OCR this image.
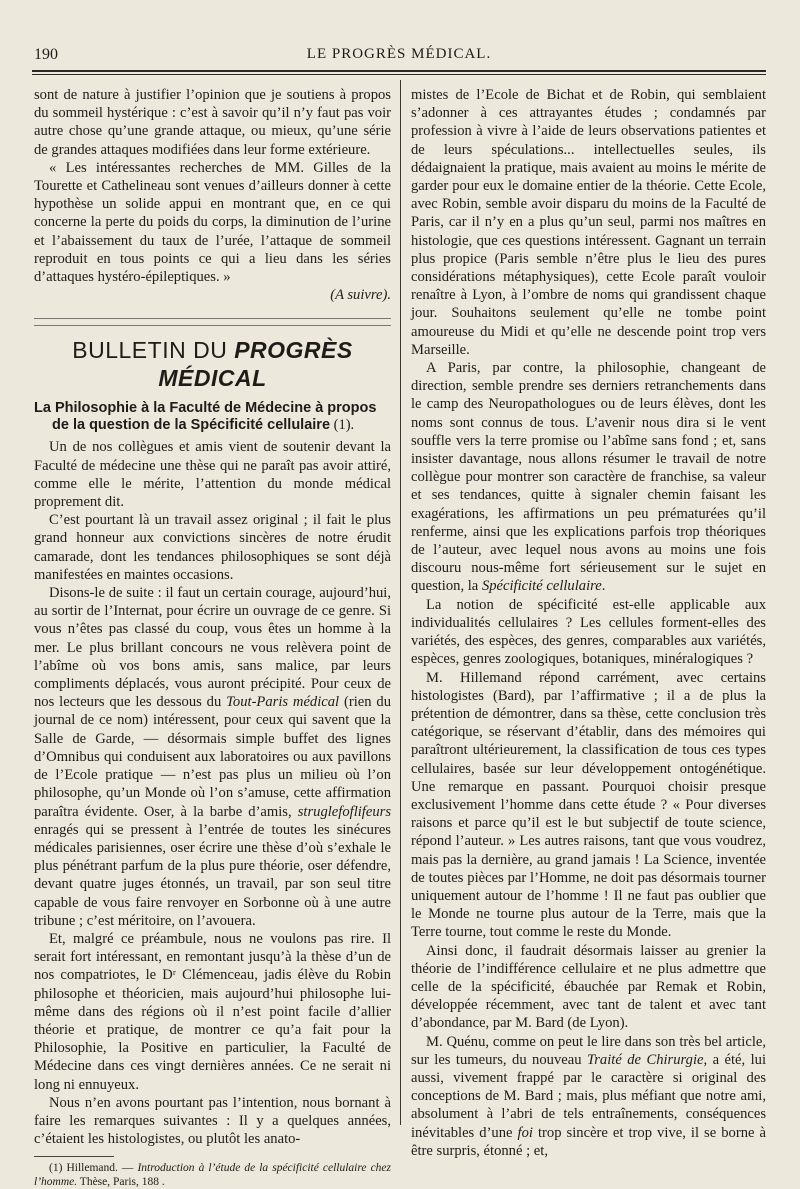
190	LE PROGRÈS MÉDICAL.

sont de nature à justifier l’opinion que je soutiens à propos du sommeil hystérique : c’est à savoir qu’il n’y faut pas voir autre chose qu’une grande attaque, ou mieux, qu’une série de grandes attaques modifiées dans leur forme extérieure.

« Les intéressantes recherches de MM. Gilles de la Tourette et Cathelineau sont venues d’ailleurs donner à cette hypothèse un solide appui en montrant que, en ce qui concerne la perte du poids du corps, la diminution de l’urine et l’abaissement du taux de l’urée, l’attaque de sommeil reproduit en tous points ce qui a lieu dans les séries d’attaques hystéro-épileptiques. »

(A suivre).
BULLETIN DU PROGRÈS MÉDICAL
La Philosophie à la Faculté de Médecine à propos de la question de la Spécificité cellulaire (1).

Un de nos collègues et amis vient de soutenir devant la Faculté de médecine une thèse qui ne paraît pas avoir attiré, comme elle le mérite, l’attention du monde médical proprement dit.

C’est pourtant là un travail assez original ; il fait le plus grand honneur aux convictions sincères de notre érudit camarade, dont les tendances philosophiques se sont déjà manifestées en maintes occasions.

Disons-le de suite : il faut un certain courage, aujourd’hui, au sortir de l’Internat, pour écrire un ouvrage de ce genre. Si vous n’êtes pas classé du coup, vous êtes un homme à la mer. Le plus brillant concours ne vous relèvera point de l’abîme où vos bons amis, sans malice, par leurs compliments déplacés, vous auront précipité. Pour ceux de nos lecteurs que les dessous du Tout-Paris médical (rien du journal de ce nom) intéressent, pour ceux qui savent que la Salle de Garde, — désormais simple buffet des lignes d’Omnibus qui conduisent aux laboratoires ou aux pavillons de l’Ecole pratique — n’est pas plus un milieu où l’on philosophe, qu’un Monde où l’on s’amuse, cette affirmation paraîtra évidente. Oser, à la barbe d’amis, struglefoflifeurs enragés qui se pressent à l’entrée de toutes les sinécures médicales parisiennes, oser écrire une thèse d’où s’exhale le plus pénétrant parfum de la plus pure théorie, oser défendre, devant quatre juges étonnés, un travail, par son seul titre capable de vous faire renvoyer en Sorbonne où à une autre tribune ; c’est méritoire, on l’avouera.

Et, malgré ce préambule, nous ne voulons pas rire. Il serait fort intéressant, en remontant jusqu’à la thèse d’un de nos compatriotes, le Dʳ Clémenceau, jadis élève du Robin philosophe et théoricien, mais aujourd’hui philosophe lui-même dans des régions où il n’est point facile d’allier théorie et pratique, de montrer ce qu’a fait pour la Philosophie, la Positive en particulier, la Faculté de Médecine dans ces vingt dernières années. Ce ne serait ni long ni ennuyeux.

Nous n’en avons pourtant pas l’intention, nous bornant à faire les remarques suivantes : Il y a quelques années, c’étaient les histologistes, ou plutôt les anato-

(1) Hillemand. — Introduction à l’étude de la spécificité cellulaire chez l’homme. Thèse, Paris, 188 .

mistes de l’Ecole de Bichat et de Robin, qui semblaient s’adonner à ces attrayantes études ; condamnés par profession à vivre à l’aide de leurs observations patientes et de leurs spéculations... intellectuelles seules, ils dédaignaient la pratique, mais avaient au moins le mérite de garder pour eux le domaine entier de la théorie. Cette Ecole, avec Robin, semble avoir disparu du moins de la Faculté de Paris, car il n’y en a plus qu’un seul, parmi nos maîtres en histologie, que ces questions intéressent. Gagnant un terrain plus propice (Paris semble n’être plus le lieu des pures considérations métaphysiques), cette Ecole paraît vouloir renaître à Lyon, à l’ombre de noms qui grandissent chaque jour. Souhaitons seulement qu’elle ne tombe point amoureuse du Midi et qu’elle ne descende point trop vers Marseille.

A Paris, par contre, la philosophie, changeant de direction, semble prendre ses derniers retranchements dans le camp des Neuropathologues ou de leurs élèves, dont les noms sont connus de tous. L’avenir nous dira si le vent souffle vers la terre promise ou l’abîme sans fond ; et, sans insister davantage, nous allons résumer le travail de notre collègue pour montrer son caractère de franchise, sa valeur et ses tendances, quitte à signaler chemin faisant les exagérations, les affirmations un peu prématurées qu’il renferme, ainsi que les explications parfois trop théoriques de l’auteur, avec lequel nous avons au moins une fois discouru nous-même fort sérieusement sur le sujet en question, la Spécificité cellulaire.

La notion de spécificité est-elle applicable aux individualités cellulaires ? Les cellules forment-elles des variétés, des espèces, des genres, comparables aux variétés, espèces, genres zoologiques, botaniques, minéralogiques ?

M. Hillemand répond carrément, avec certains histologistes (Bard), par l’affirmative ; il a de plus la prétention de démontrer, dans sa thèse, cette conclusion très catégorique, se réservant d’établir, dans des mémoires qui paraîtront ultérieurement, la classification de tous ces types cellulaires, basée sur leur développement ontogénétique. Une remarque en passant. Pourquoi choisir presque exclusivement l’homme dans cette étude ? « Pour diverses raisons et parce qu’il est le but subjectif de toute science, répond l’auteur. » Les autres raisons, tant que vous voudrez, mais pas la dernière, au grand jamais ! La Science, inventée de toutes pièces par l’Homme, ne doit pas désormais tourner uniquement autour de l’homme ! Il ne faut pas oublier que le Monde ne tourne plus autour de la Terre, mais que la Terre tourne, tout comme le reste du Monde.

Ainsi donc, il faudrait désormais laisser au grenier la théorie de l’indifférence cellulaire et ne plus admettre que celle de la spécificité, ébauchée par Remak et Robin, développée récemment, avec tant de talent et avec tant d’abondance, par M. Bard (de Lyon).

M. Quénu, comme on peut le lire dans son très bel article, sur les tumeurs, du nouveau Traité de Chirurgie, a été, lui aussi, vivement frappé par le caractère si original des conceptions de M. Bard ; mais, plus méfiant que notre ami, absolument à l’abri de tels entraînements, conséquences inévitables d’une foi trop sincère et trop vive, il se borne à être surpris, étonné ; et,
